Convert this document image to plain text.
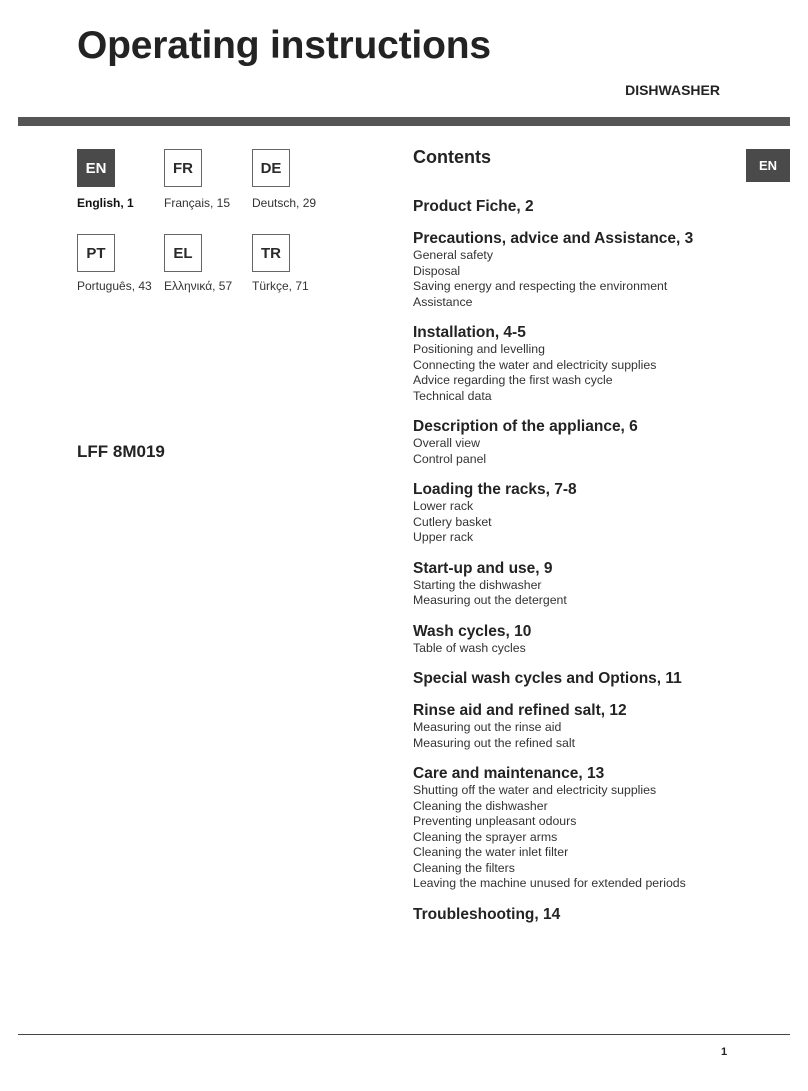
Operating instructions
DISHWASHER
EN	FR	DE
English, 1	Français, 15 Deutsch, 29
PT	EL	TR
Português, 43 Ελληνικά, 57 Türkçe, 71
LFF 8M019
Contents	EN
Product Fiche, 2
Precautions, advice and Assistance, 3
General safety
Disposal
Saving energy and respecting the environment
Assistance
Installation, 4-5
Positioning and levelling
Connecting the water and electricity supplies
Advice regarding the first wash cycle
Technical data
Description of the appliance, 6
Overall view
Control panel
Loading the racks, 7-8
Lower rack
Cutlery basket
Upper rack
Start-up and use, 9
Starting the dishwasher
Measuring out the detergent
Wash cycles, 10
Table of wash cycles
Special wash cycles and Options, 11
Rinse aid and refined salt, 12
Measuring out the rinse aid
Measuring out the refined salt
Care and maintenance, 13
Shutting off the water and electricity supplies
Cleaning the dishwasher
Preventing unpleasant odours
Cleaning the sprayer arms
Cleaning the water inlet filter
Cleaning the filters
Leaving the machine unused for extended periods
Troubleshooting, 14
1
